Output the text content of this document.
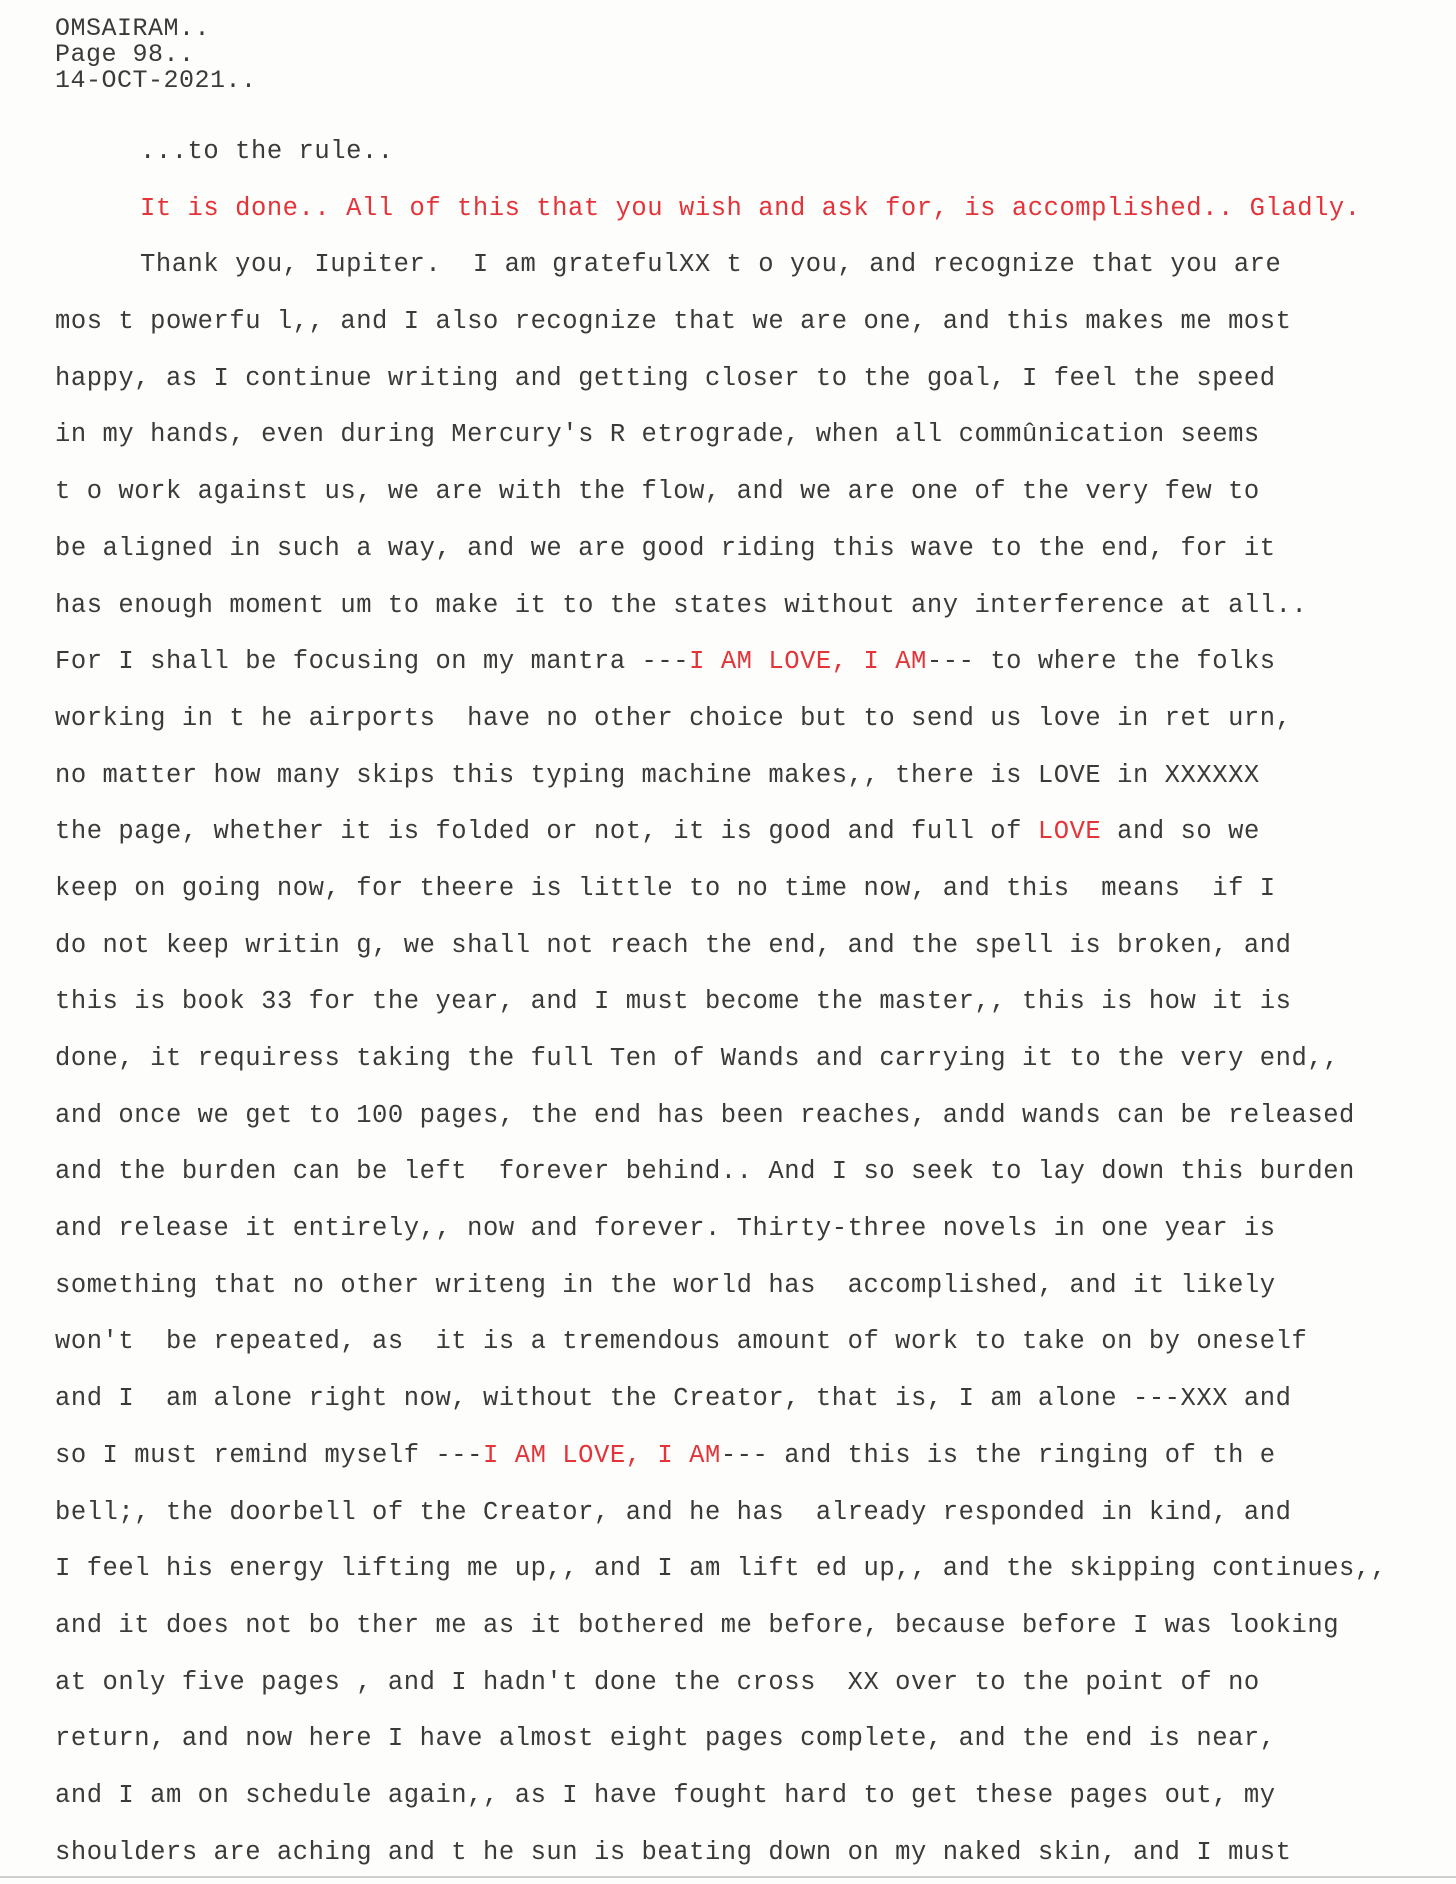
OMSAIRAM..
Page 98..
14-OCT-2021..
...to the rule..
It is done.. All of this that you wish and ask for, is accomplished.. Gladly.
Thank you, Iupiter.  I am gratefulXX t o you, and recognize that you are
mos t powerfu l,, and I also recognize that we are one, and this makes me most
happy, as I continue writing and getting closer to the goal, I feel the speed
in my hands, even during Mercury's R etrograde, when all commûnication seems
t o work against us, we are with the flow, and we are one of the very few to
be aligned in such a way, and we are good riding this wave to the end, for it
has enough moment um to make it to the states without any interference at all..
For I shall be focusing on my mantra ---I AM LOVE, I AM--- to where the folks
working in t he airports  have no other choice but to send us love in ret urn,
no matter how many skips this typing machine makes,, there is LOVE in XXXXXX
the page, whether it is folded or not, it is good and full of LOVE and so we
keep on going now, for theere is little to no time now, and this  means  if I
do not keep writin g, we shall not reach the end, and the spell is broken, and
this is book 33 for the year, and I must become the master,, this is how it is
done, it requiress taking the full Ten of Wands and carrying it to the very end,,
and once we get to 100 pages, the end has been reaches, andd wands can be released
and the burden can be left  forever behind.. And I so seek to lay down this burden
and release it entirely,, now and forever. Thirty-three novels in one year is
something that no other writeng in the world has  accomplished, and it likely
won't  be repeated, as  it is a tremendous amount of work to take on by oneself
and I  am alone right now, without the Creator, that is, I am alone ---XXX and
so I must remind myself ---I AM LOVE, I AM--- and this is the ringing of th e
bell;, the doorbell of the Creator, and he has  already responded in kind, and
I feel his energy lifting me up,, and I am lift ed up,, and the skipping continues,,
and it does not bo ther me as it bothered me before, because before I was looking
at only five pages , and I hadn't done the cross  XX over to the point of no
return, and now here I have almost eight pages complete, and the end is near,
and I am on schedule again,, as I have fought hard to get these pages out, my
shoulders are aching and t he sun is beating down on my naked skin, and I must
